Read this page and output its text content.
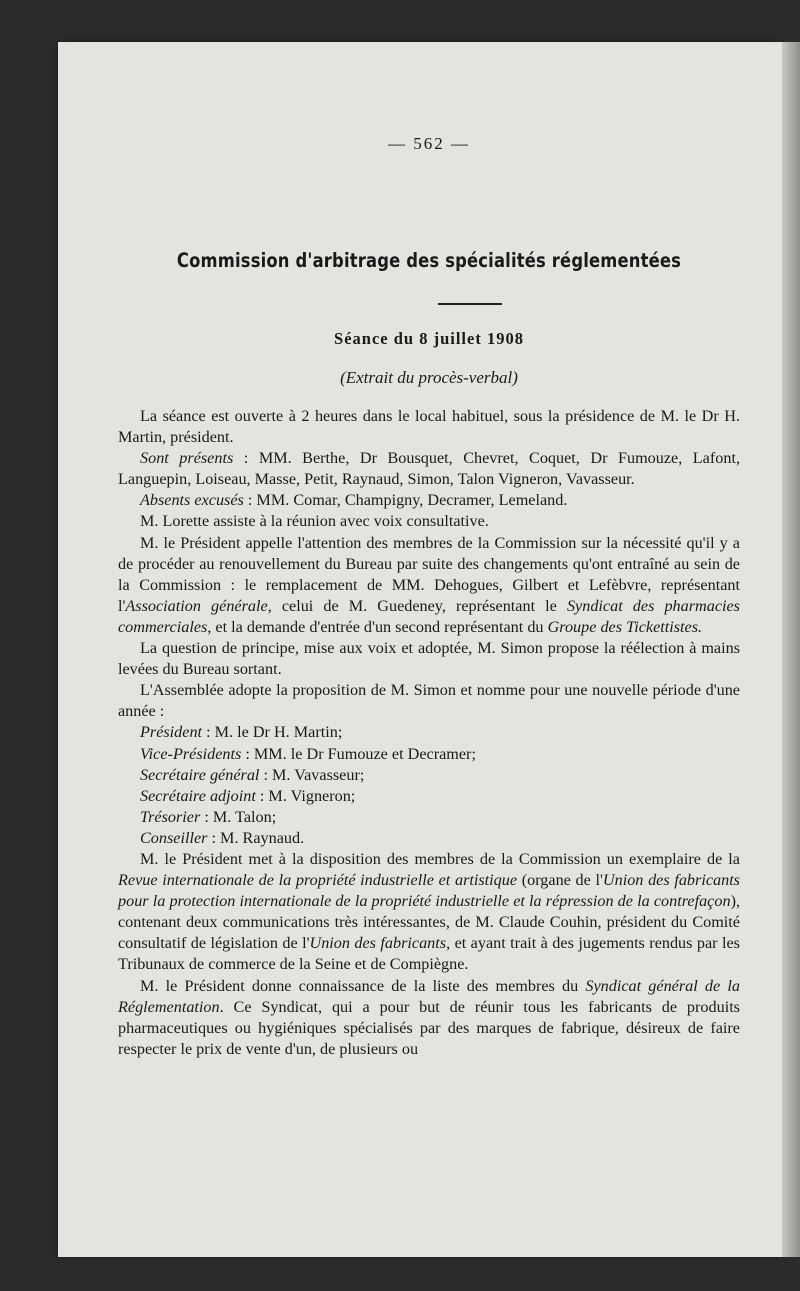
— 562 —
Commission d'arbitrage des spécialités réglementées
Séance du 8 juillet 1908
(Extrait du procès-verbal)

La séance est ouverte à 2 heures dans le local habituel, sous la présidence de M. le Dr H. Martin, président.

Sont présents : MM. Berthe, Dr Bousquet, Chevret, Coquet, Dr Fumouze, Lafont, Languepin, Loiseau, Masse, Petit, Raynaud, Simon, Talon Vigneron, Vavasseur.

Absents excusés : MM. Comar, Champigny, Decramer, Lemeland.

M. Lorette assiste à la réunion avec voix consultative.

M. le Président appelle l'attention des membres de la Commission sur la nécessité qu'il y a de procéder au renouvellement du Bureau par suite des changements qu'ont entraîné au sein de la Commission : le remplacement de MM. Dehogues, Gilbert et Lefèbvre, représentant l'Association générale, celui de M. Guedeney, représentant le Syndicat des pharmacies commerciales, et la demande d'entrée d'un second représentant du Groupe des Tickettistes.

La question de principe, mise aux voix et adoptée, M. Simon propose la réélection à mains levées du Bureau sortant.

L'Assemblée adopte la proposition de M. Simon et nomme pour une nouvelle période d'une année :

Président : M. le Dr H. Martin;

Vice-Présidents : MM. le Dr Fumouze et Decramer;

Secrétaire général : M. Vavasseur;

Secrétaire adjoint : M. Vigneron;

Trésorier : M. Talon;

Conseiller : M. Raynaud.

M. le Président met à la disposition des membres de la Commission un exemplaire de la Revue internationale de la propriété industrielle et artistique (organe de l'Union des fabricants pour la protection internationale de la propriété industrielle et la répression de la contrefaçon), contenant deux communications très intéressantes, de M. Claude Couhin, président du Comité consultatif de législation de l'Union des fabricants, et ayant trait à des jugements rendus par les Tribunaux de commerce de la Seine et de Compiègne.

M. le Président donne connaissance de la liste des membres du Syndicat général de la Réglementation. Ce Syndicat, qui a pour but de réunir tous les fabricants de produits pharmaceutiques ou hygiéniques spécialisés par des marques de fabrique, désireux de faire respecter le prix de vente d'un, de plusieurs ou
